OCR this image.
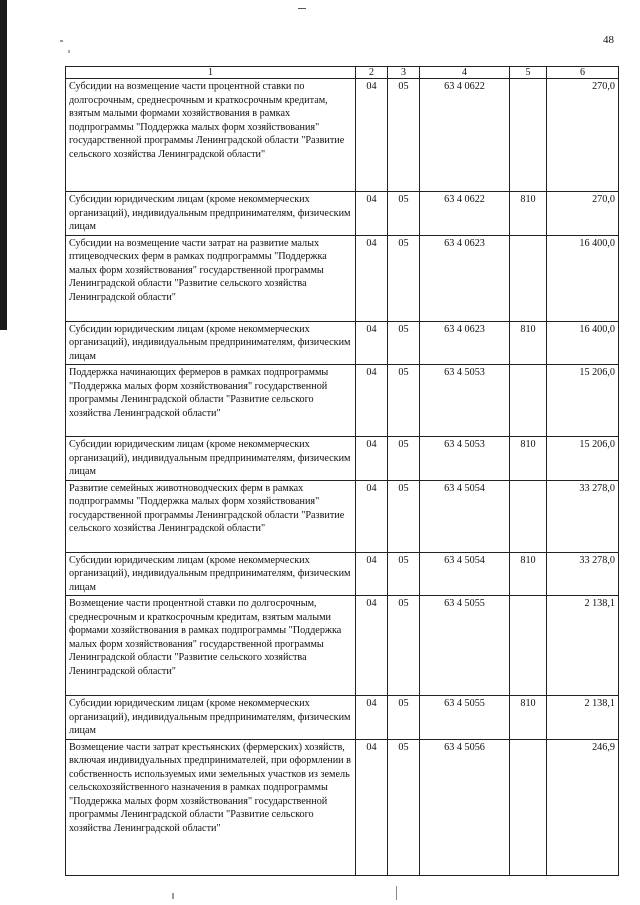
48
1	2	3	4	5	6
Субсидии на возмещение части процентной ставки по долгосрочным, среднесрочным и краткосрочным кредитам, взятым малыми формами хозяйствования в рамках подпрограммы "Поддержка малых форм хозяйствования" государственной программы Ленинградской области "Развитие сельского хозяйства Ленинградской области"	04	05	63 4 0622		270,0
Субсидии юридическим лицам (кроме некоммерческих организаций), индивидуальным предпринимателям, физическим лицам	04	05	63 4 0622	810	270,0
Субсидии на возмещение части затрат на развитие малых птицеводческих ферм в рамках подпрограммы "Поддержка малых форм хозяйствования" государственной программы Ленинградской области "Развитие сельского хозяйства Ленинградской области"	04	05	63 4 0623		16 400,0
Субсидии юридическим лицам (кроме некоммерческих организаций), индивидуальным предпринимателям, физическим лицам	04	05	63 4 0623	810	16 400,0
Поддержка начинающих фермеров в рамках подпрограммы "Поддержка малых форм хозяйствования" государственной программы Ленинградской области "Развитие сельского хозяйства Ленинградской области"	04	05	63 4 5053		15 206,0
Субсидии юридическим лицам (кроме некоммерческих организаций), индивидуальным предпринимателям, физическим лицам	04	05	63 4 5053	810	15 206,0
Развитие семейных животноводческих ферм в рамках подпрограммы "Поддержка малых форм хозяйствования" государственной программы Ленинградской области "Развитие сельского хозяйства Ленинградской области"	04	05	63 4 5054		33 278,0
Субсидии юридическим лицам (кроме некоммерческих организаций), индивидуальным предпринимателям, физическим лицам	04	05	63 4 5054	810	33 278,0
Возмещение части процентной ставки по долгосрочным, среднесрочным и краткосрочным кредитам, взятым малыми формами хозяйствования в рамках подпрограммы "Поддержка малых форм хозяйствования" государственной программы Ленинградской области "Развитие сельского хозяйства Ленинградской области"	04	05	63 4 5055		2 138,1
Субсидии юридическим лицам (кроме некоммерческих организаций), индивидуальным предпринимателям, физическим лицам	04	05	63 4 5055	810	2 138,1
Возмещение части затрат крестьянских (фермерских) хозяйств, включая индивидуальных предпринимателей, при оформлении в собственность используемых ими земельных участков из земель сельскохозяйственного назначения в рамках подпрограммы "Поддержка малых форм хозяйствования" государственной программы Ленинградской области "Развитие сельского хозяйства Ленинградской области"	04	05	63 4 5056		246,9
